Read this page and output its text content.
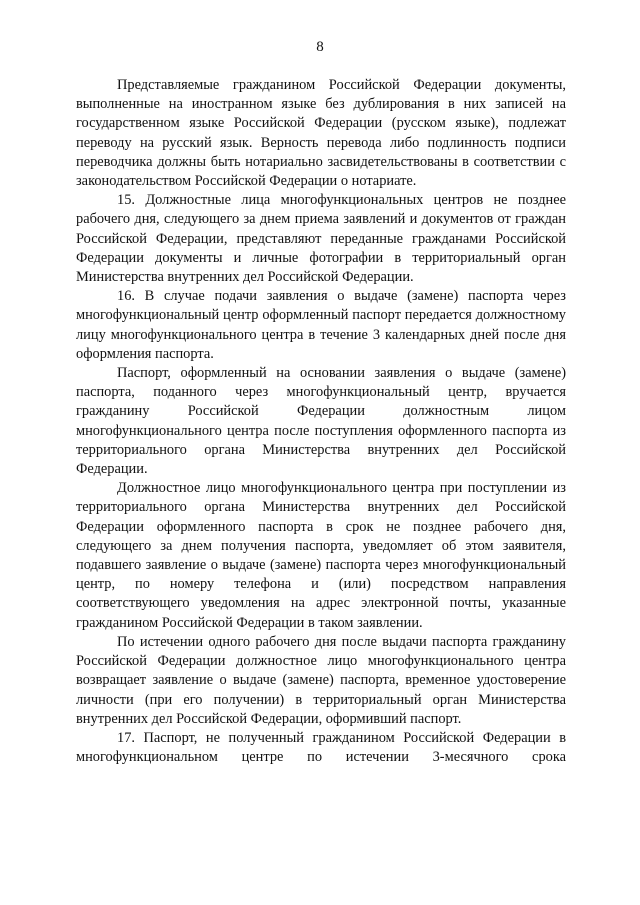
8

Представляемые гражданином Российской Федерации документы, выполненные на иностранном языке без дублирования в них записей на государственном языке Российской Федерации (русском языке), подлежат переводу на русский язык. Верность перевода либо подлинность подписи переводчика должны быть нотариально засвидетельствованы в соответствии с законодательством Российской Федерации о нотариате.

15. Должностные лица многофункциональных центров не позднее рабочего дня, следующего за днем приема заявлений и документов от граждан Российской Федерации, представляют переданные гражданами Российской Федерации документы и личные фотографии в территориальный орган Министерства внутренних дел Российской Федерации.

16. В случае подачи заявления о выдаче (замене) паспорта через многофункциональный центр оформленный паспорт передается должностному лицу многофункционального центра в течение 3 календарных дней после дня оформления паспорта.

Паспорт, оформленный на основании заявления о выдаче (замене) паспорта, поданного через многофункциональный центр, вручается гражданину Российской Федерации должностным лицом многофункционального центра после поступления оформленного паспорта из территориального органа Министерства внутренних дел Российской Федерации.

Должностное лицо многофункционального центра при поступлении из территориального органа Министерства внутренних дел Российской Федерации оформленного паспорта в срок не позднее рабочего дня, следующего за днем получения паспорта, уведомляет об этом заявителя, подавшего заявление о выдаче (замене) паспорта через многофункциональный центр, по номеру телефона и (или) посредством направления соответствующего уведомления на адрес электронной почты, указанные гражданином Российской Федерации в таком заявлении.

По истечении одного рабочего дня после выдачи паспорта гражданину Российской Федерации должностное лицо многофункционального центра возвращает заявление о выдаче (замене) паспорта, временное удостоверение личности (при его получении) в территориальный орган Министерства внутренних дел Российской Федерации, оформивший паспорт.

17. Паспорт, не полученный гражданином Российской Федерации в многофункциональном центре по истечении 3-месячного срока
